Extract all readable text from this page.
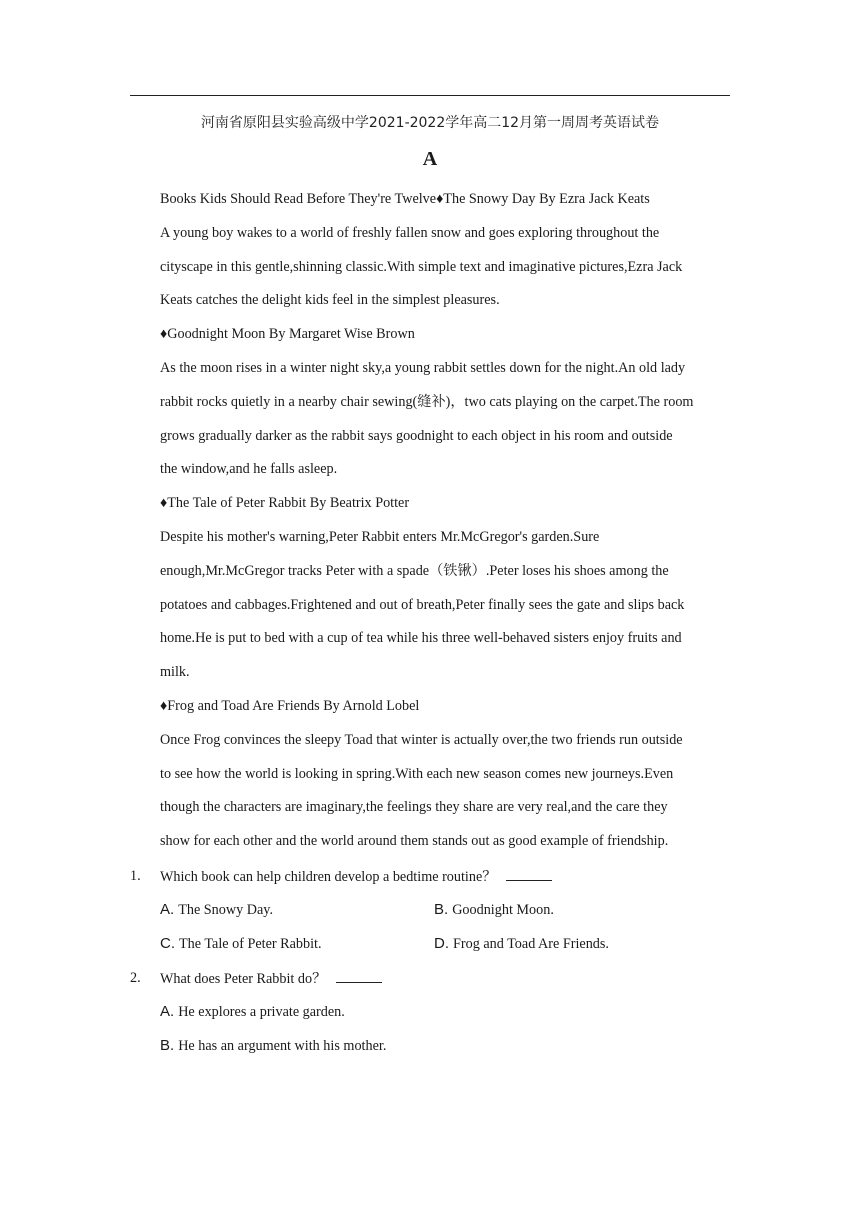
河南省原阳县实验高级中学2021-2022学年高二12月第一周周考英语试卷
A

Books Kids Should Read Before They're Twelve♦The Snowy Day By Ezra Jack Keats

A young boy wakes to a world of freshly fallen snow and goes exploring throughout the

cityscape in this gentle,shinning classic.With simple text and imaginative pictures,Ezra Jack

Keats catches the delight kids feel in the simplest pleasures.

♦Goodnight Moon By Margaret Wise Brown

As the moon rises in a winter night sky,a young rabbit settles down for the night.An old lady

rabbit rocks quietly in a nearby chair sewing(缝补)，two cats playing on the carpet.The room

grows gradually darker as the rabbit says goodnight to each object in his room and outside

the window,and he falls asleep.

♦The Tale of Peter Rabbit By Beatrix Potter

Despite his mother's warning,Peter Rabbit enters Mr.McGregor's garden.Sure

enough,Mr.McGregor tracks Peter with a spade（铁锹）.Peter loses his shoes among the

potatoes and cabbages.Frightened and out of breath,Peter finally sees the gate and slips back

home.He is put to bed with a cup of tea while his three well-behaved sisters enjoy fruits and

milk.

♦Frog and Toad Are Friends By Arnold Lobel

Once Frog convinces the sleepy Toad that winter is actually over,the two friends run outside

to see how the world is looking in spring.With each new season comes new journeys.Even

though the characters are imaginary,the feelings they share are very real,and the care they

show for each other and the world around them stands out as good example of friendship.

1. Which book can help children develop a bedtime routine？
A. The Snowy Day.	B. Goodnight Moon.
C. The Tale of Peter Rabbit.	D. Frog and Toad Are Friends.
2. What does Peter Rabbit do？
A. He explores a private garden.
B. He has an argument with his mother.
